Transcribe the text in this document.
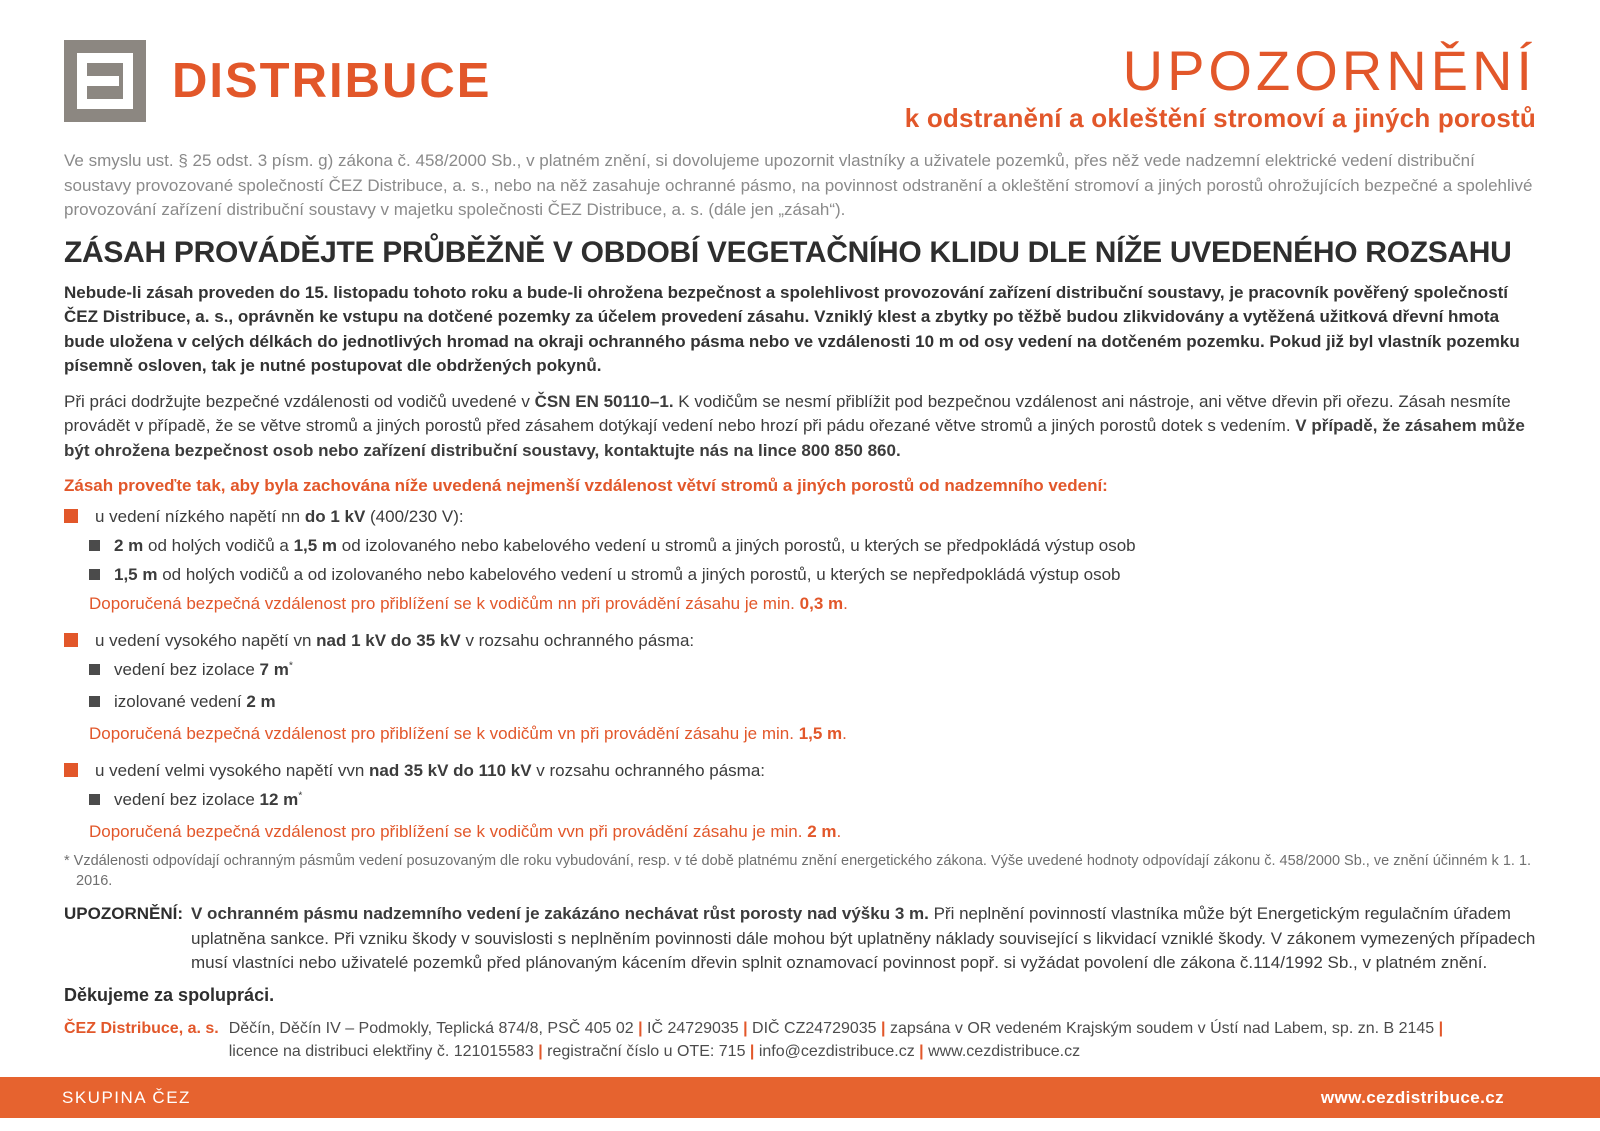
DISTRIBUCE	UPOZORNĚNÍ
k odstranění a okleštění stromoví a jiných porostů

Ve smyslu ust. § 25 odst. 3 písm. g) zákona č. 458/2000 Sb., v platném znění, si dovolujeme upozornit vlastníky a uživatele pozemků, přes něž vede nadzemní elektrické vedení distribuční soustavy provozované společností ČEZ Distribuce, a. s., nebo na něž zasahuje ochranné pásmo, na povinnost odstranění a okleštění stromoví a jiných porostů ohrožujících bezpečné a spolehlivé provozování zařízení distribuční soustavy v majetku společnosti ČEZ Distribuce, a. s. (dále jen „zásah“).

ZÁSAH PROVÁDĚJTE PRŮBĚŽNĚ V OBDOBÍ VEGETAČNÍHO KLIDU DLE NÍŽE UVEDENÉHO ROZSAHU

Nebude-li zásah proveden do 15. listopadu tohoto roku a bude-li ohrožena bezpečnost a spolehlivost provozování zařízení distribuční soustavy, je pracovník pověřený společností ČEZ Distribuce, a. s., oprávněn ke vstupu na dotčené pozemky za účelem provedení zásahu. Vzniklý klest a zbytky po těžbě budou zlikvidovány a vytěžená užitková dřevní hmota bude uložena v celých délkách do jednotlivých hromad na okraji ochranného pásma nebo ve vzdálenosti 10 m od osy vedení na dotčeném pozemku. Pokud již byl vlastník pozemku písemně osloven, tak je nutné postupovat dle obdržených pokynů.

Při práci dodržujte bezpečné vzdálenosti od vodičů uvedené v ČSN EN 50110–1. K vodičům se nesmí přiblížit pod bezpečnou vzdálenost ani nástroje, ani větve dřevin při ořezu. Zásah nesmíte provádět v případě, že se větve stromů a jiných porostů před zásahem dotýkají vedení nebo hrozí při pádu ořezané větve stromů a jiných porostů dotek s vedením. V případě, že zásahem může být ohrožena bezpečnost osob nebo zařízení distribuční soustavy, kontaktujte nás na lince 800 850 860.

Zásah proveďte tak, aby byla zachována níže uvedená nejmenší vzdálenost větví stromů a jiných porostů od nadzemního vedení:
u vedení nízkého napětí nn do 1 kV (400/230 V):
2 m od holých vodičů a 1,5 m od izolovaného nebo kabelového vedení u stromů a jiných porostů, u kterých se předpokládá výstup osob
1,5 m od holých vodičů a od izolovaného nebo kabelového vedení u stromů a jiných porostů, u kterých se nepředpokládá výstup osob
Doporučená bezpečná vzdálenost pro přiblížení se k vodičům nn při provádění zásahu je min. 0,3 m.
u vedení vysokého napětí vn nad 1 kV do 35 kV v rozsahu ochranného pásma:
vedení bez izolace 7 m*
izolované vedení 2 m
Doporučená bezpečná vzdálenost pro přiblížení se k vodičům vn při provádění zásahu je min. 1,5 m.
u vedení velmi vysokého napětí vvn nad 35 kV do 110 kV v rozsahu ochranného pásma:
vedení bez izolace 12 m*
Doporučená bezpečná vzdálenost pro přiblížení se k vodičům vvn při provádění zásahu je min. 2 m.

* Vzdálenosti odpovídají ochranným pásmům vedení posuzovaným dle roku vybudování, resp. v té době platnému znění energetického zákona. Výše uvedené hodnoty odpovídají zákonu č. 458/2000 Sb., ve znění účinném k 1. 1. 2016.

UPOZORNĚNÍ: V ochranném pásmu nadzemního vedení je zakázáno nechávat růst porosty nad výšku 3 m. Při neplnění povinností vlastníka může být Energetickým regulačním úřadem uplatněna sankce. Při vzniku škody v souvislosti s neplněním povinnosti dále mohou být uplatněny náklady související s likvidací vzniklé škody. V zákonem vymezených případech musí vlastníci nebo uživatelé pozemků před plánovaným kácením dřevin splnit oznamovací povinnost popř. si vyžádat povolení dle zákona č.114/1992 Sb., v platném znění.
Děkujeme za spolupráci.
ČEZ Distribuce, a. s. Děčín, Děčín IV – Podmokly, Teplická 874/8, PSČ 405 02 | IČ 24729035 | DIČ CZ24729035 | zapsána v OR vedeném Krajským soudem v Ústí nad Labem, sp. zn. B 2145 |
licence na distribuci elektřiny č. 121015583 | registrační číslo u OTE: 715 | info@cezdistribuce.cz | www.cezdistribuce.cz
SKUPINA ČEZ	www.cezdistribuce.cz
